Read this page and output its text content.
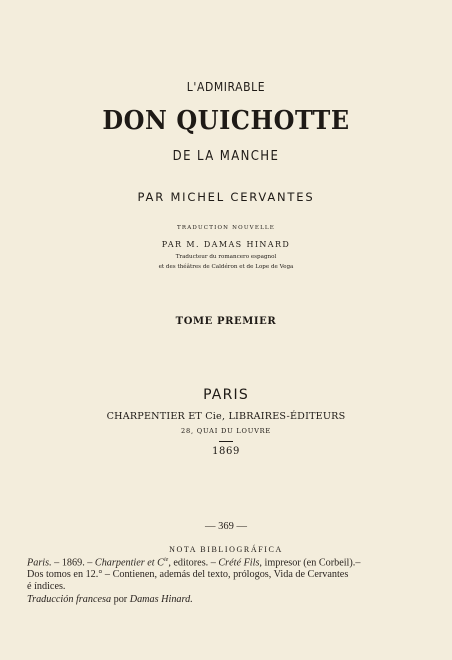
L'ADMIRABLE
DON QUICHOTTE
DE LA MANCHE
PAR MICHEL CERVANTES
TRADUCTION NOUVELLE
PAR M. DAMAS HINARD
Traducteur du romancero espagnol
et des théâtres de Caldéron et de Lope de Vega
TOME PREMIER
PARIS
CHARPENTIER ET Cie, LIBRAIRES-ÉDITEURS
28, QUAI DU LOUVRE
1869
— 369 —
NOTA BIBLIOGRÁFICA
Paris. – 1869. – Charpentier et $C^{ie}$, editores. – Crété Fils, impresor (en Corbeil).–
Dos tomos en 12.° – Contienen, además del texto, prólogos, Vida de Cervantes
é índices.
Traducción francesa por Damas Hinard.
